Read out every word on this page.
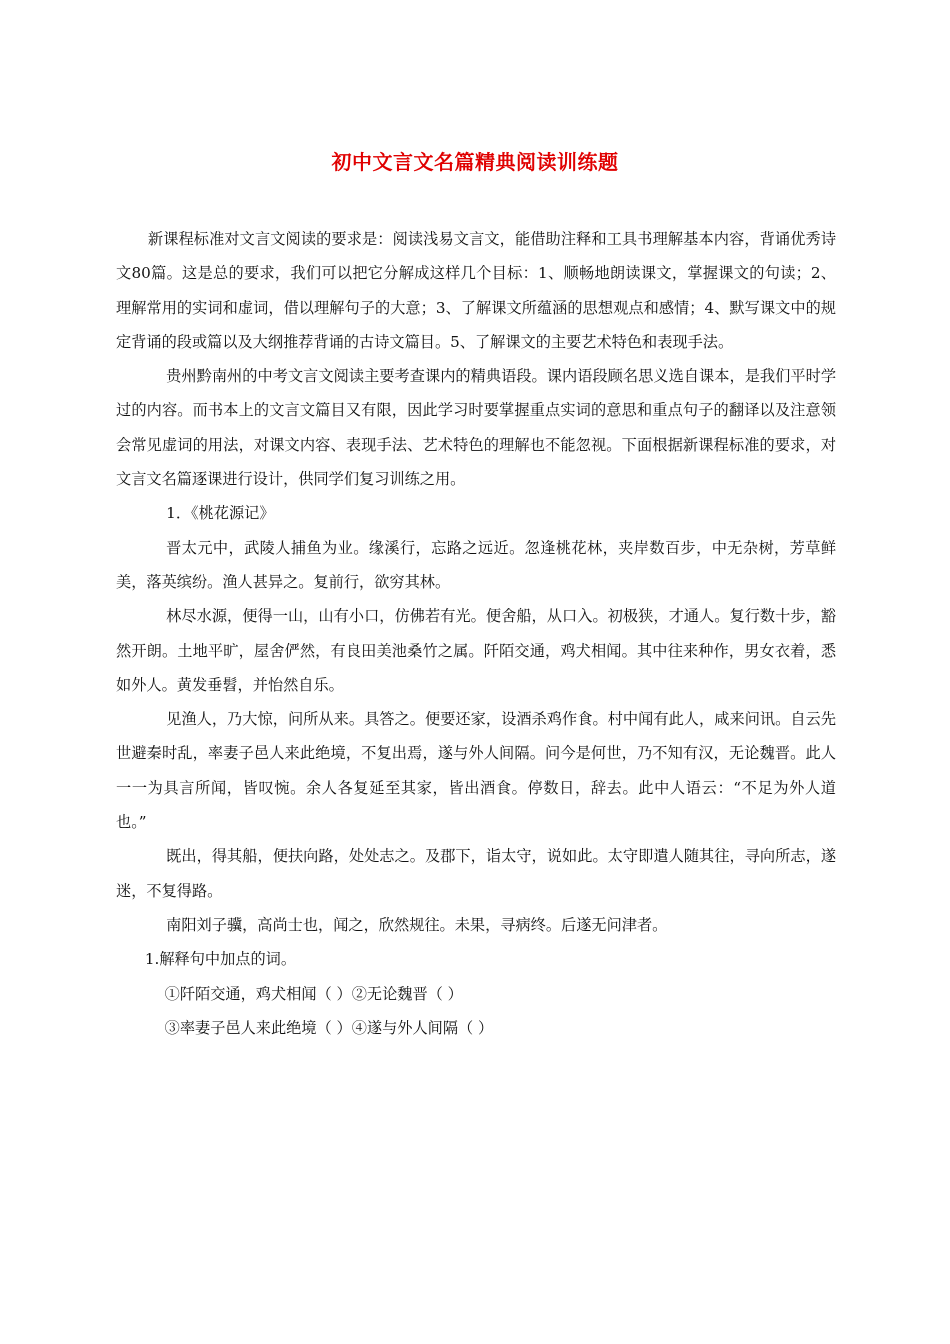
初中文言文名篇精典阅读训练题

新课程标准对文言文阅读的要求是：阅读浅易文言文，能借助注释和工具书理解基本内容，背诵优秀诗文80篇。这是总的要求，我们可以把它分解成这样几个目标：1、顺畅地朗读课文，掌握课文的句读；2、理解常用的实词和虚词，借以理解句子的大意；3、了解课文所蕴涵的思想观点和感情；4、默写课文中的规定背诵的段或篇以及大纲推荐背诵的古诗文篇目。5、了解课文的主要艺术特色和表现手法。

贵州黔南州的中考文言文阅读主要考查课内的精典语段。课内语段顾名思义选自课本，是我们平时学过的内容。而书本上的文言文篇目又有限，因此学习时要掌握重点实词的意思和重点句子的翻译以及注意领会常见虚词的用法，对课文内容、表现手法、艺术特色的理解也不能忽视。下面根据新课程标准的要求，对文言文名篇逐课进行设计，供同学们复习训练之用。

1．《桃花源记》

晋太元中，武陵人捕鱼为业。缘溪行，忘路之远近。忽逢桃花林，夹岸数百步，中无杂树，芳草鲜美，落英缤纷。渔人甚异之。复前行，欲穷其林。

林尽水源，便得一山，山有小口，仿佛若有光。便舍船，从口入。初极狭，才通人。复行数十步，豁然开朗。土地平旷，屋舍俨然，有良田美池桑竹之属。阡陌交通，鸡犬相闻。其中往来种作，男女衣着，悉如外人。黄发垂髫，并怡然自乐。

见渔人，乃大惊，问所从来。具答之。便要还家，设酒杀鸡作食。村中闻有此人，咸来问讯。自云先世避秦时乱，率妻子邑人来此绝境，不复出焉，遂与外人间隔。问今是何世，乃不知有汉，无论魏晋。此人一一为具言所闻，皆叹惋。余人各复延至其家，皆出酒食。停数日，辞去。此中人语云：“不足为外人道也。”

既出，得其船，便扶向路，处处志之。及郡下，诣太守，说如此。太守即遣人随其往，寻向所志，遂迷，不复得路。

南阳刘子骥，高尚士也，闻之，欣然规往。未果，寻病终。后遂无问津者。

1.解释句中加点的词。

①阡陌交通，鸡犬相闻（ ）②无论魏晋（ ）

③率妻子邑人来此绝境（ ）④遂与外人间隔（ ）
